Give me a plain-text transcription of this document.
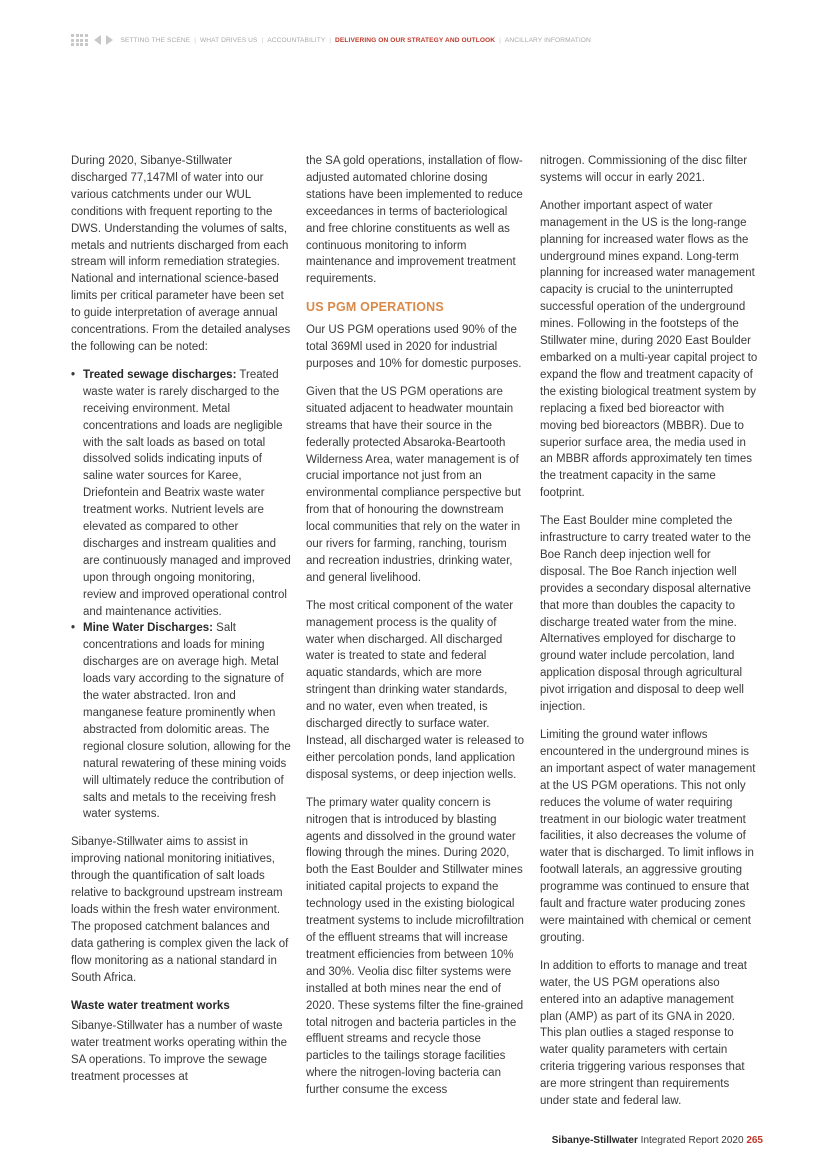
SETTING THE SCENE | WHAT DRIVES US | ACCOUNTABILITY | DELIVERING ON OUR STRATEGY AND OUTLOOK | ANCILLARY INFORMATION

During 2020, Sibanye-Stillwater discharged 77,147Ml of water into our various catchments under our WUL conditions with frequent reporting to the DWS. Understanding the volumes of salts, metals and nutrients discharged from each stream will inform remediation strategies. National and international science-based limits per critical parameter have been set to guide interpretation of average annual concentrations. From the detailed analyses the following can be noted:

• Treated sewage discharges: Treated waste water is rarely discharged to the receiving environment. Metal concentrations and loads are negligible with the salt loads as based on total dissolved solids indicating inputs of saline water sources for Karee, Driefontein and Beatrix waste water treatment works. Nutrient levels are elevated as compared to other discharges and instream qualities and are continuously managed and improved upon through ongoing monitoring, review and improved operational control and maintenance activities.
• Mine Water Discharges: Salt concentrations and loads for mining discharges are on average high. Metal loads vary according to the signature of the water abstracted. Iron and manganese feature prominently when abstracted from dolomitic areas. The regional closure solution, allowing for the natural rewatering of these mining voids will ultimately reduce the contribution of salts and metals to the receiving fresh water systems.

Sibanye-Stillwater aims to assist in improving national monitoring initiatives, through the quantification of salt loads relative to background upstream instream loads within the fresh water environment. The proposed catchment balances and data gathering is complex given the lack of flow monitoring as a national standard in South Africa.

Waste water treatment works

Sibanye-Stillwater has a number of waste water treatment works operating within the SA operations. To improve the sewage treatment processes at

the SA gold operations, installation of flow-adjusted automated chlorine dosing stations have been implemented to reduce exceedances in terms of bacteriological and free chlorine constituents as well as continuous monitoring to inform maintenance and improvement treatment requirements.

US PGM OPERATIONS

Our US PGM operations used 90% of the total 369Ml used in 2020 for industrial purposes and 10% for domestic purposes.

Given that the US PGM operations are situated adjacent to headwater mountain streams that have their source in the federally protected Absaroka-Beartooth Wilderness Area, water management is of crucial importance not just from an environmental compliance perspective but from that of honouring the downstream local communities that rely on the water in our rivers for farming, ranching, tourism and recreation industries, drinking water, and general livelihood.

The most critical component of the water management process is the quality of water when discharged. All discharged water is treated to state and federal aquatic standards, which are more stringent than drinking water standards, and no water, even when treated, is discharged directly to surface water. Instead, all discharged water is released to either percolation ponds, land application disposal systems, or deep injection wells.

The primary water quality concern is nitrogen that is introduced by blasting agents and dissolved in the ground water flowing through the mines. During 2020, both the East Boulder and Stillwater mines initiated capital projects to expand the technology used in the existing biological treatment systems to include microfiltration of the effluent streams that will increase treatment efficiencies from between 10% and 30%. Veolia disc filter systems were installed at both mines near the end of 2020. These systems filter the fine-grained total nitrogen and bacteria particles in the effluent streams and recycle those particles to the tailings storage facilities where the nitrogen-loving bacteria can further consume the excess

nitrogen. Commissioning of the disc filter systems will occur in early 2021.

Another important aspect of water management in the US is the long-range planning for increased water flows as the underground mines expand. Long-term planning for increased water management capacity is crucial to the uninterrupted successful operation of the underground mines. Following in the footsteps of the Stillwater mine, during 2020 East Boulder embarked on a multi-year capital project to expand the flow and treatment capacity of the existing biological treatment system by replacing a fixed bed bioreactor with moving bed bioreactors (MBBR). Due to superior surface area, the media used in an MBBR affords approximately ten times the treatment capacity in the same footprint.

The East Boulder mine completed the infrastructure to carry treated water to the Boe Ranch deep injection well for disposal. The Boe Ranch injection well provides a secondary disposal alternative that more than doubles the capacity to discharge treated water from the mine. Alternatives employed for discharge to ground water include percolation, land application disposal through agricultural pivot irrigation and disposal to deep well injection.

Limiting the ground water inflows encountered in the underground mines is an important aspect of water management at the US PGM operations. This not only reduces the volume of water requiring treatment in our biologic water treatment facilities, it also decreases the volume of water that is discharged. To limit inflows in footwall laterals, an aggressive grouting programme was continued to ensure that fault and fracture water producing zones were maintained with chemical or cement grouting.

In addition to efforts to manage and treat water, the US PGM operations also entered into an adaptive management plan (AMP) as part of its GNA in 2020. This plan outlies a staged response to water quality parameters with certain criteria triggering various responses that are more stringent than requirements under state and federal law.

Sibanye-Stillwater Integrated Report 2020 265
